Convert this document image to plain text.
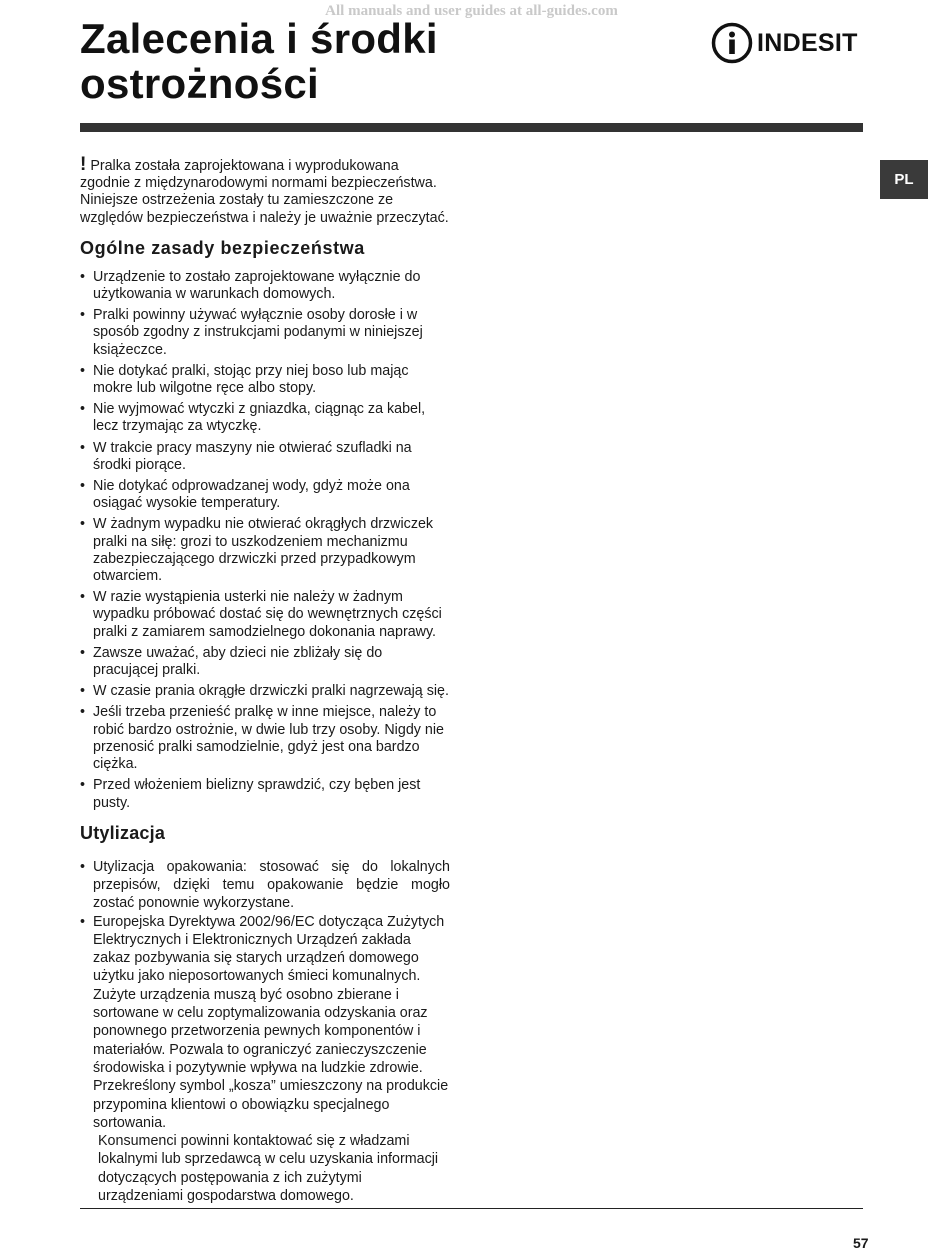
All manuals and user guides at all-guides.com
Zalecenia i środki
ostrożności
INDESIT
PL

! Pralka została zaprojektowana i wyprodukowana zgodnie z międzynarodowymi normami bezpieczeństwa. Niniejsze ostrzeżenia zostały tu zamieszczone ze względów bezpieczeństwa i należy je uważnie przeczytać.

Ogólne zasady bezpieczeństwa
• Urządzenie to zostało zaprojektowane wyłącznie do użytkowania w warunkach domowych.
• Pralki powinny używać wyłącznie osoby dorosłe i w sposób zgodny z instrukcjami podanymi w niniejszej książeczce.
• Nie dotykać pralki, stojąc przy niej boso lub mając mokre lub wilgotne ręce albo stopy.
• Nie wyjmować wtyczki z gniazdka, ciągnąc za kabel, lecz trzymając za wtyczkę.
• W trakcie pracy maszyny nie otwierać szufladki na środki piorące.
• Nie dotykać odprowadzanej wody, gdyż może ona osiągać wysokie temperatury.
• W żadnym wypadku nie otwierać okrągłych drzwiczek pralki na siłę: grozi to uszkodzeniem mechanizmu zabezpieczającego drzwiczki przed przypadkowym otwarciem.
• W razie wystąpienia usterki nie należy w żadnym wypadku próbować dostać się do wewnętrznych części pralki z zamiarem samodzielnego dokonania naprawy.
• Zawsze uważać, aby dzieci nie zbliżały się do pracującej pralki.
• W czasie prania okrągłe drzwiczki pralki nagrzewają się.
• Jeśli trzeba przenieść pralkę w inne miejsce, należy to robić bardzo ostrożnie, w dwie lub trzy osoby. Nigdy nie przenosić pralki samodzielnie, gdyż jest ona bardzo ciężka.
• Przed włożeniem bielizny sprawdzić, czy bęben jest pusty.
Utylizacja
• Utylizacja opakowania: stosować się do lokalnych przepisów, dzięki temu opakowanie będzie mogło zostać ponownie wykorzystane.
• Europejska Dyrektywa 2002/96/EC dotycząca Zużytych Elektrycznych i Elektronicznych Urządzeń zakłada zakaz pozbywania się starych urządzeń domowego użytku jako nieposortowanych śmieci komunalnych. Zużyte urządzenia muszą być osobno zbierane i sortowane w celu zoptymalizowania odzyskania oraz ponownego przetworzenia pewnych komponentów i materiałów. Pozwala to ograniczyć zanieczyszczenie środowiska i pozytywnie wpływa na ludzkie zdrowie. Przekreślony symbol „kosza” umieszczony na produkcie przypomina klientowi o obowiązku specjalnego sortowania.

Konsumenci powinni kontaktować się z władzami lokalnymi lub sprzedawcą w celu uzyskania informacji dotyczących postępowania z ich zużytymi urządzeniami gospodarstwa domowego.

57
